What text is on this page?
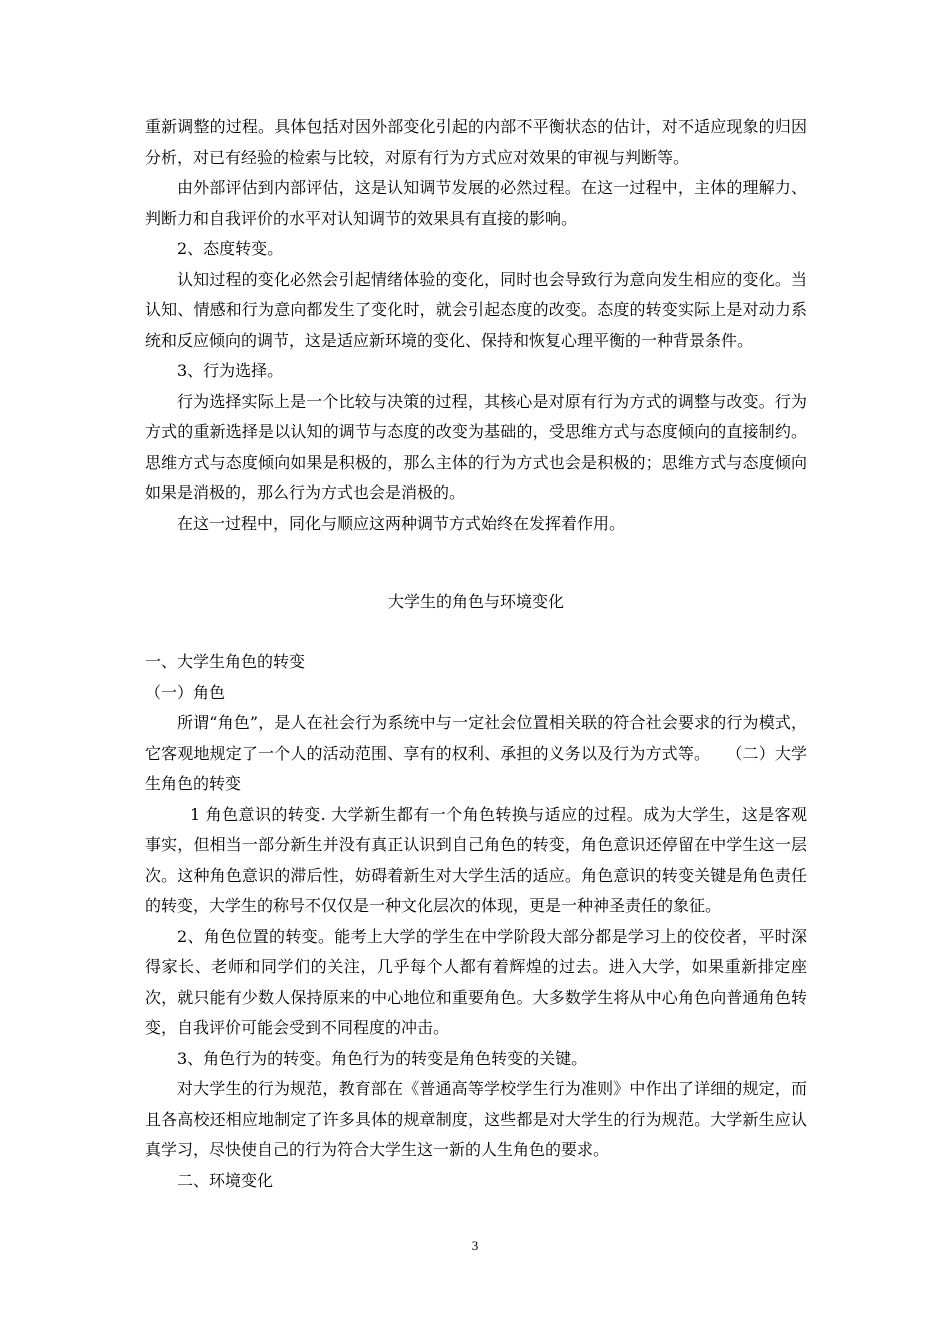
重新调整的过程。具体包括对因外部变化引起的内部不平衡状态的估计，对不适应现象的归因分析，对已有经验的检索与比较，对原有行为方式应对效果的审视与判断等。

由外部评估到内部评估，这是认知调节发展的必然过程。在这一过程中，主体的理解力、判断力和自我评价的水平对认知调节的效果具有直接的影响。

2、态度转变。

认知过程的变化必然会引起情绪体验的变化，同时也会导致行为意向发生相应的变化。当认知、情感和行为意向都发生了变化时，就会引起态度的改变。态度的转变实际上是对动力系统和反应倾向的调节，这是适应新环境的变化、保持和恢复心理平衡的一种背景条件。

3、行为选择。

行为选择实际上是一个比较与决策的过程，其核心是对原有行为方式的调整与改变。行为方式的重新选择是以认知的调节与态度的改变为基础的，受思维方式与态度倾向的直接制约。思维方式与态度倾向如果是积极的，那么主体的行为方式也会是积极的；思维方式与态度倾向如果是消极的，那么行为方式也会是消极的。

在这一过程中，同化与顺应这两种调节方式始终在发挥着作用。

大学生的角色与环境变化

一、大学生角色的转变

（一）角色

所谓“角色”，是人在社会行为系统中与一定社会位置相关联的符合社会要求的行为模式，它客观地规定了一个人的活动范围、享有的权利、承担的义务以及行为方式等。　　（二）大学生角色的转变

1 角色意识的转变. 大学新生都有一个角色转换与适应的过程。成为大学生，这是客观事实，但相当一部分新生并没有真正认识到自己角色的转变，角色意识还停留在中学生这一层次。这种角色意识的滞后性，妨碍着新生对大学生活的适应。角色意识的转变关键是角色责任的转变，大学生的称号不仅仅是一种文化层次的体现，更是一种神圣责任的象征。

2、角色位置的转变。能考上大学的学生在中学阶段大部分都是学习上的佼佼者，平时深得家长、老师和同学们的关注，几乎每个人都有着辉煌的过去。进入大学，如果重新排定座次，就只能有少数人保持原来的中心地位和重要角色。大多数学生将从中心角色向普通角色转变，自我评价可能会受到不同程度的冲击。

3、角色行为的转变。角色行为的转变是角色转变的关键。

对大学生的行为规范，教育部在《普通高等学校学生行为准则》中作出了详细的规定，而且各高校还相应地制定了许多具体的规章制度，这些都是对大学生的行为规范。大学新生应认真学习，尽快使自己的行为符合大学生这一新的人生角色的要求。

二、环境变化

3
